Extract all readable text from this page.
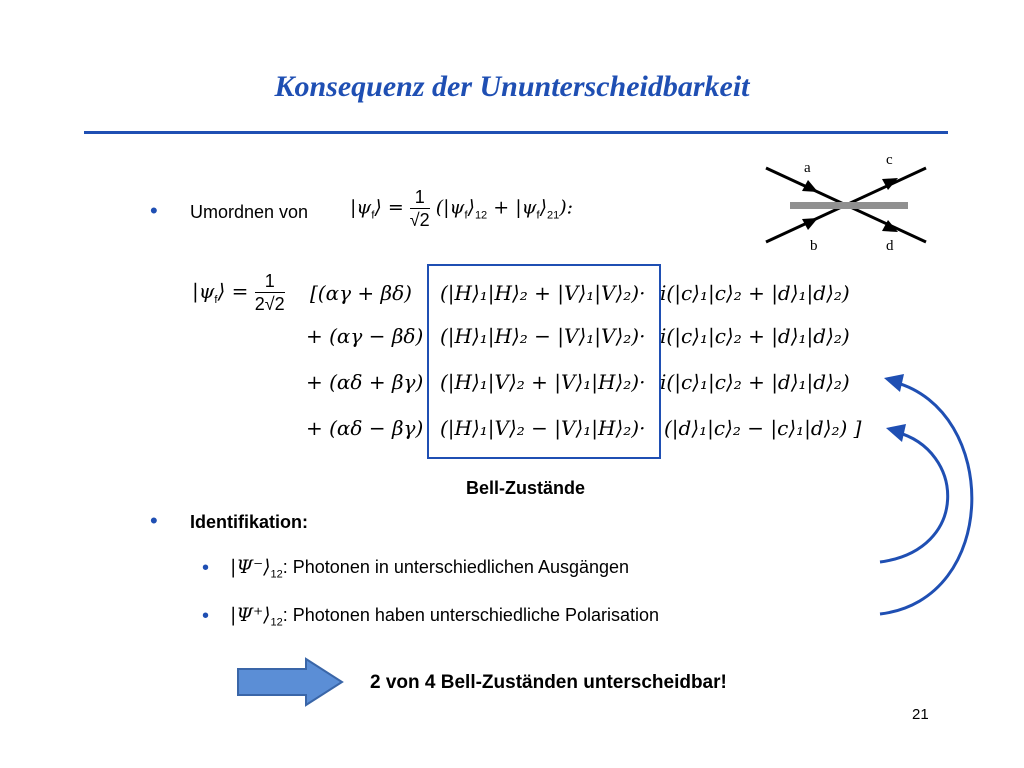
Konsequenz der Ununterscheidbarkeit
• Umordnen von $|\psi_f⟩ = \frac{1}{√2}$ ($|\psi_f⟩_{12}$ + $|\psi_f⟩_{21}$):
a
b
c
d
$|\psi_f⟩ = \frac{1}{2√2} [(\alpha\gamma + \beta\delta)$ (|H⟩₁|H⟩₂ + |V⟩₁|V⟩₂)· i(|c⟩₁|c⟩₂ + |d⟩₁|d⟩₂)
+ (αγ − βδ) (|H⟩₁|H⟩₂ − |V⟩₁|V⟩₂)· i(|c⟩₁|c⟩₂ + |d⟩₁|d⟩₂)
+ (αδ + βγ) (|H⟩₁|V⟩₂ + |V⟩₁|H⟩₂)· i(|c⟩₁|c⟩₂ + |d⟩₁|d⟩₂)
+ (αδ − βγ) (|H⟩₁|V⟩₂ − |V⟩₁|H⟩₂)· (|d⟩₁|c⟩₂ − |c⟩₁|d⟩₂) ]
Bell-Zustände
• Identifikation:
• $|\Psi^-⟩_{12}$: Photonen in unterschiedlichen Ausgängen
• $|\Psi^+⟩_{12}$: Photonen haben unterschiedliche Polarisation
2 von 4 Bell-Zuständen unterscheidbar!
21
